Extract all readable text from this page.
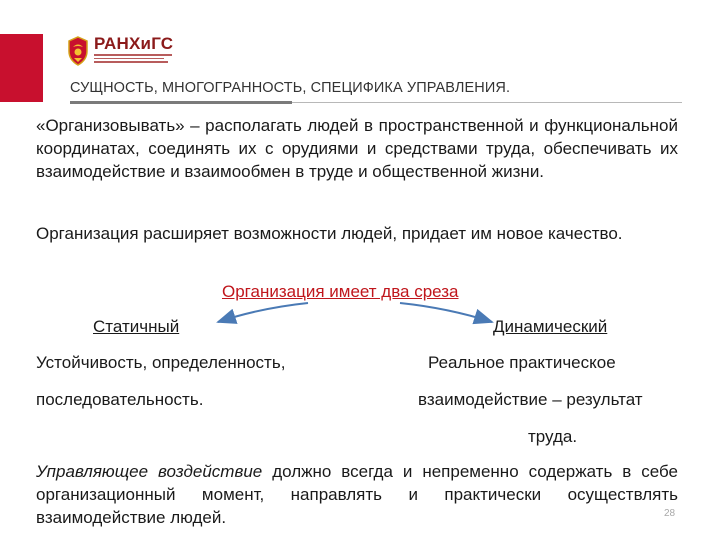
РАНХиГС
СУЩНОСТЬ, МНОГОГРАННОСТЬ, СПЕЦИФИКА УПРАВЛЕНИЯ.
«Организовывать» – располагать людей в пространственной и функциональной координатах, соединять их с орудиями и средствами труда, обеспечивать их взаимодействие и взаимообмен в труде и общественной жизни.
Организация расширяет возможности людей, придает им новое качество.
Организация имеет два среза
Статичный	Динамический
Устойчивость, определенность,
последовательность.
Реальное практическое
взаимодействие – результат
труда.
Управляющее воздействие должно всегда и непременно содержать в себе организационный момент, направлять и практически осуществлять взаимодействие людей.	28
